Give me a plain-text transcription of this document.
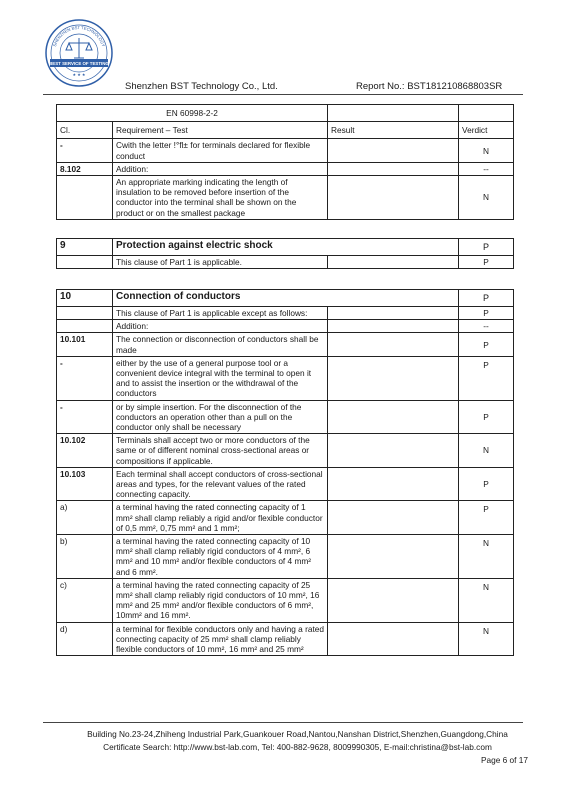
SHENZHEN BST TECHNOLOGY
BEST SERVICE OF TESTING
★ ★ ★
Shenzhen BST Technology Co., Ltd.	Report No.: BST181210868803SR
EN 60998-2-2			
Cl.	Requirement – Test	Result	Verdict
-	Cwith the letter !°fl± for terminals declared for flexible conduct		N
8.102	Addition:		--
	An appropriate marking indicating the length of insulation to be removed before insertion of the conductor into the terminal shall be shown on the product or on the smallest package		N
9	Protection against electric shock		P
	This clause of Part 1 is applicable.		P
10	Connection of conductors		P
	This clause of Part 1 is applicable except as follows:		P
	Addition:		--
10.101	The connection or disconnection of conductors shall be made		P
-	either by the use of a general purpose tool or a convenient device integral with the terminal to open it and to assist the insertion or the withdrawal of the conductors		P
-	or by simple insertion. For the disconnection of the conductors an operation other than a pull on the conductor only shall be necessary		P
10.102	Terminals shall accept two or more conductors of the same or of different nominal cross-sectional areas or compositions if applicable.		N
10.103	Each terminal shall accept conductors of cross-sectional areas and types, for the relevant values of the rated connecting capacity.		P
a)	a terminal having the rated connecting capacity of 1 mm² shall clamp reliably a rigid and/or flexible conductor of 0,5 mm², 0,75 mm² and 1 mm²;		P
b)	a terminal having the rated connecting capacity of 10 mm² shall clamp reliably rigid conductors of 4 mm², 6 mm² and 10 mm² and/or flexible conductors of 4 mm² and 6 mm².		N
c)	a terminal having the rated connecting capacity of 25 mm² shall clamp reliably rigid conductors of 10 mm², 16 mm² and 25 mm² and/or flexible conductors of 6 mm², 10mm² and 16 mm².		N
d)	a terminal for flexible conductors only and having a rated connecting capacity of 25 mm² shall clamp reliably flexible conductors of 10 mm², 16 mm² and 25 mm²		N
Building No.23-24,Zhiheng Industrial Park,Guankouer Road,Nantou,Nanshan District,Shenzhen,Guangdong,China
Certificate Search: http://www.bst-lab.com, Tel: 400-882-9628, 8009990305, E-mail:christina@bst-lab.com
Page 6 of 17
